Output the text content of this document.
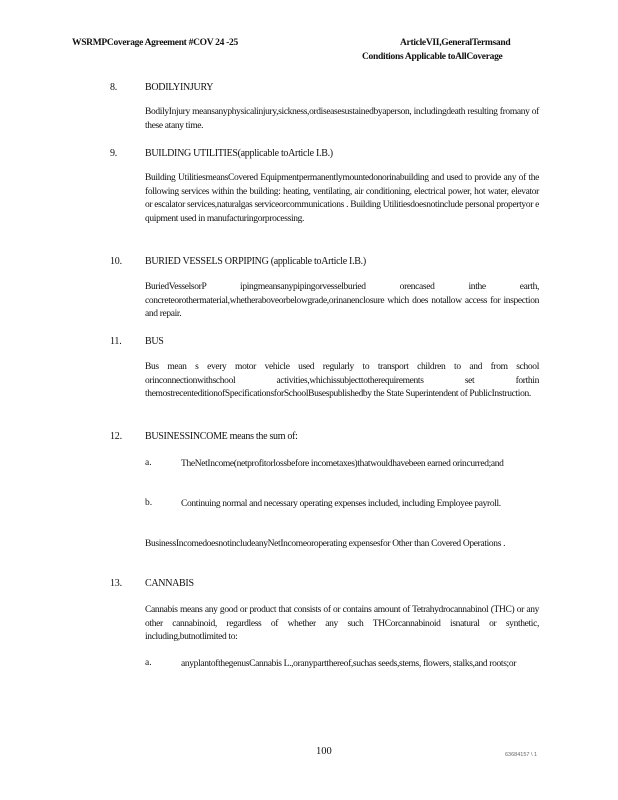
WSRMPCoverage Agreement #COV 24 -25	ArticleVII,GeneralTermsand
Conditions Applicable toAllCoverage
8.	BODILYINJURY
BodilyInjury meansanyphysicalinjury,sickness,ordiseasesustainedbyaperson, includingdeath resulting fromany of these atany time.
9.	BUILDING UTILITIES(applicable toArticle I.B.)
Building UtilitiesmeansCovered Equipmentpermanentlymountedonorinabuilding and used to provide any of the following services within the building: heating, ventilating, air conditioning, electrical power, hot water, elevator or escalator services,naturalgas serviceorcommunications . Building Utilitiesdoesnotinclude personal propertyor e quipment used in manufacturingorprocessing.
10. BURIED VESSELS ORPIPING (applicable toArticle I.B.)
BuriedVesselsorP ipingmeansanypipingorvesselburied orencased inthe earth, concreteorothermaterial,whetheraboveorbelowgrade,orinanenclosure which does notallow access for inspection and repair.
11. BUS
Bus mean s every motor vehicle used regularly to transport children to and from school orinconnectionwithschool activities,whichissubjecttotherequirements set forthin themostrecenteditionofSpecificationsforSchoolBusespublishedby the State Superintendent of PublicInstruction.
12. BUSINESSINCOME means the sum of:
a.	TheNetIncome(netprofitorlossbefore incometaxes)thatwouldhavebeen earned orincurred;and
b.	Continuing normal and necessary operating expenses included, including Employee payroll.
BusinessIncomedoesnotincludeanyNetIncomeoroperating expensesfor Other than Covered Operations .
13. CANNABIS
Cannabis means any good or product that consists of or contains amount of Tetrahydrocannabinol (THC) or any other cannabinoid, regardless of whether any such THCorcannabinoid isnatural or synthetic, including,butnotlimited to:
a.	anyplantofthegenusCannabis L.,oranypartthereof,suchas seeds,stems, flowers, stalks,and roots;or
100	63684157 \ 1
